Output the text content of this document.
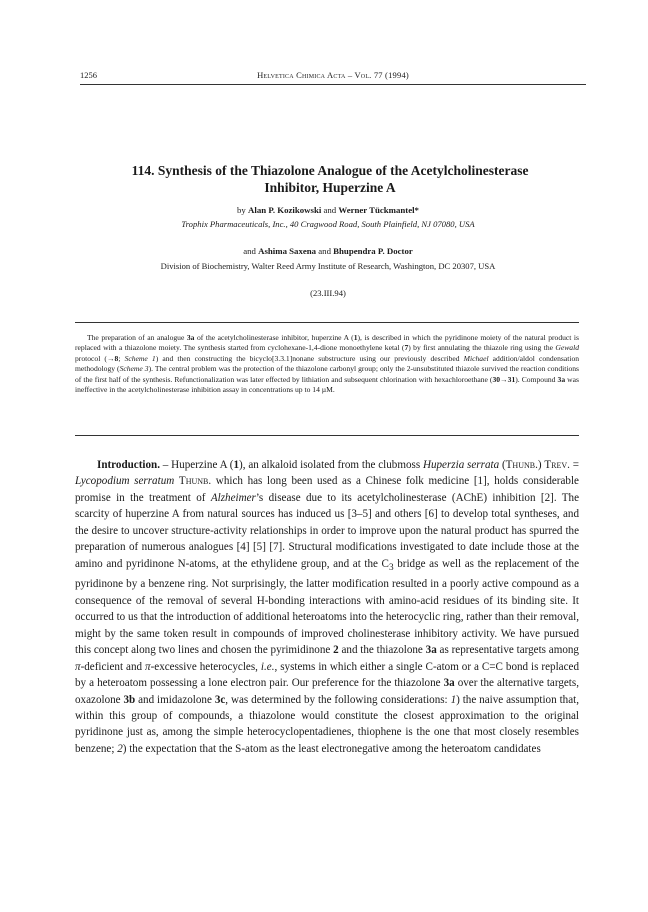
1256	Helvetica Chimica Acta – Vol. 77 (1994)
114. Synthesis of the Thiazolone Analogue of the Acetylcholinesterase
Inhibitor, Huperzine A
by Alan P. Kozikowski and Werner Tückmantel*
Trophix Pharmaceuticals, Inc., 40 Cragwood Road, South Plainfield, NJ 07080, USA
and Ashima Saxena and Bhupendra P. Doctor
Division of Biochemistry, Walter Reed Army Institute of Research, Washington, DC 20307, USA
(23.III.94)

The preparation of an analogue 3a of the acetylcholinesterase inhibitor, huperzine A (1), is described in which the pyridinone moiety of the natural product is replaced with a thiazolone moiety. The synthesis started from cyclohexane-1,4-dione monoethylene ketal (7) by first annulating the thiazole ring using the Gewald protocol (→8; Scheme 1) and then constructing the bicyclo[3.3.1]nonane substructure using our previously described Michael addition/aldol condensation methodology (Scheme 3). The central problem was the protection of the thiazolone carbonyl group; only the 2-unsubstituted thiazole survived the reaction conditions of the first half of the synthesis. Refunctionalization was later effected by lithiation and subsequent chlorination with hexachloroethane (30→31). Compound 3a was ineffective in the acetylcholinesterase inhibition assay in concentrations up to 14 µM.

Introduction. – Huperzine A (1), an alkaloid isolated from the clubmoss Huperzia serrata (Thunb.) Trev. = Lycopodium serratum Thunb. which has long been used as a Chinese folk medicine [1], holds considerable promise in the treatment of Alzheimer’s disease due to its acetylcholinesterase (AChE) inhibition [2]. The scarcity of huperzine A from natural sources has induced us [3–5] and others [6] to develop total syntheses, and the desire to uncover structure-activity relationships in order to improve upon the natural product has spurred the preparation of numerous analogues [4] [5] [7]. Structural modifications investigated to date include those at the amino and pyridinone N-atoms, at the ethylidene group, and at the $C_3$ bridge as well as the replacement of the pyridinone by a benzene ring. Not surprisingly, the latter modification resulted in a poorly active compound as a consequence of the removal of several H-bonding interactions with amino-acid residues of its binding site. It occurred to us that the introduction of additional heteroatoms into the heterocyclic ring, rather than their removal, might by the same token result in compounds of improved cholinesterase inhibitory activity. We have pursued this concept along two lines and chosen the pyrimidinone 2 and the thiazolone 3a as representative targets among π-deficient and π-excessive heterocycles, i.e., systems in which either a single C-atom or a C=C bond is replaced by a heteroatom possessing a lone electron pair. Our preference for the thiazolone 3a over the alternative targets, oxazolone 3b and imidazolone 3c, was determined by the following considerations: 1) the naive assumption that, within this group of compounds, a thiazolone would constitute the closest approximation to the original pyridinone just as, among the simple heterocyclopentadienes, thiophene is the one that most closely resembles benzene; 2) the expectation that the S-atom as the least electronegative among the heteroatom candidates
